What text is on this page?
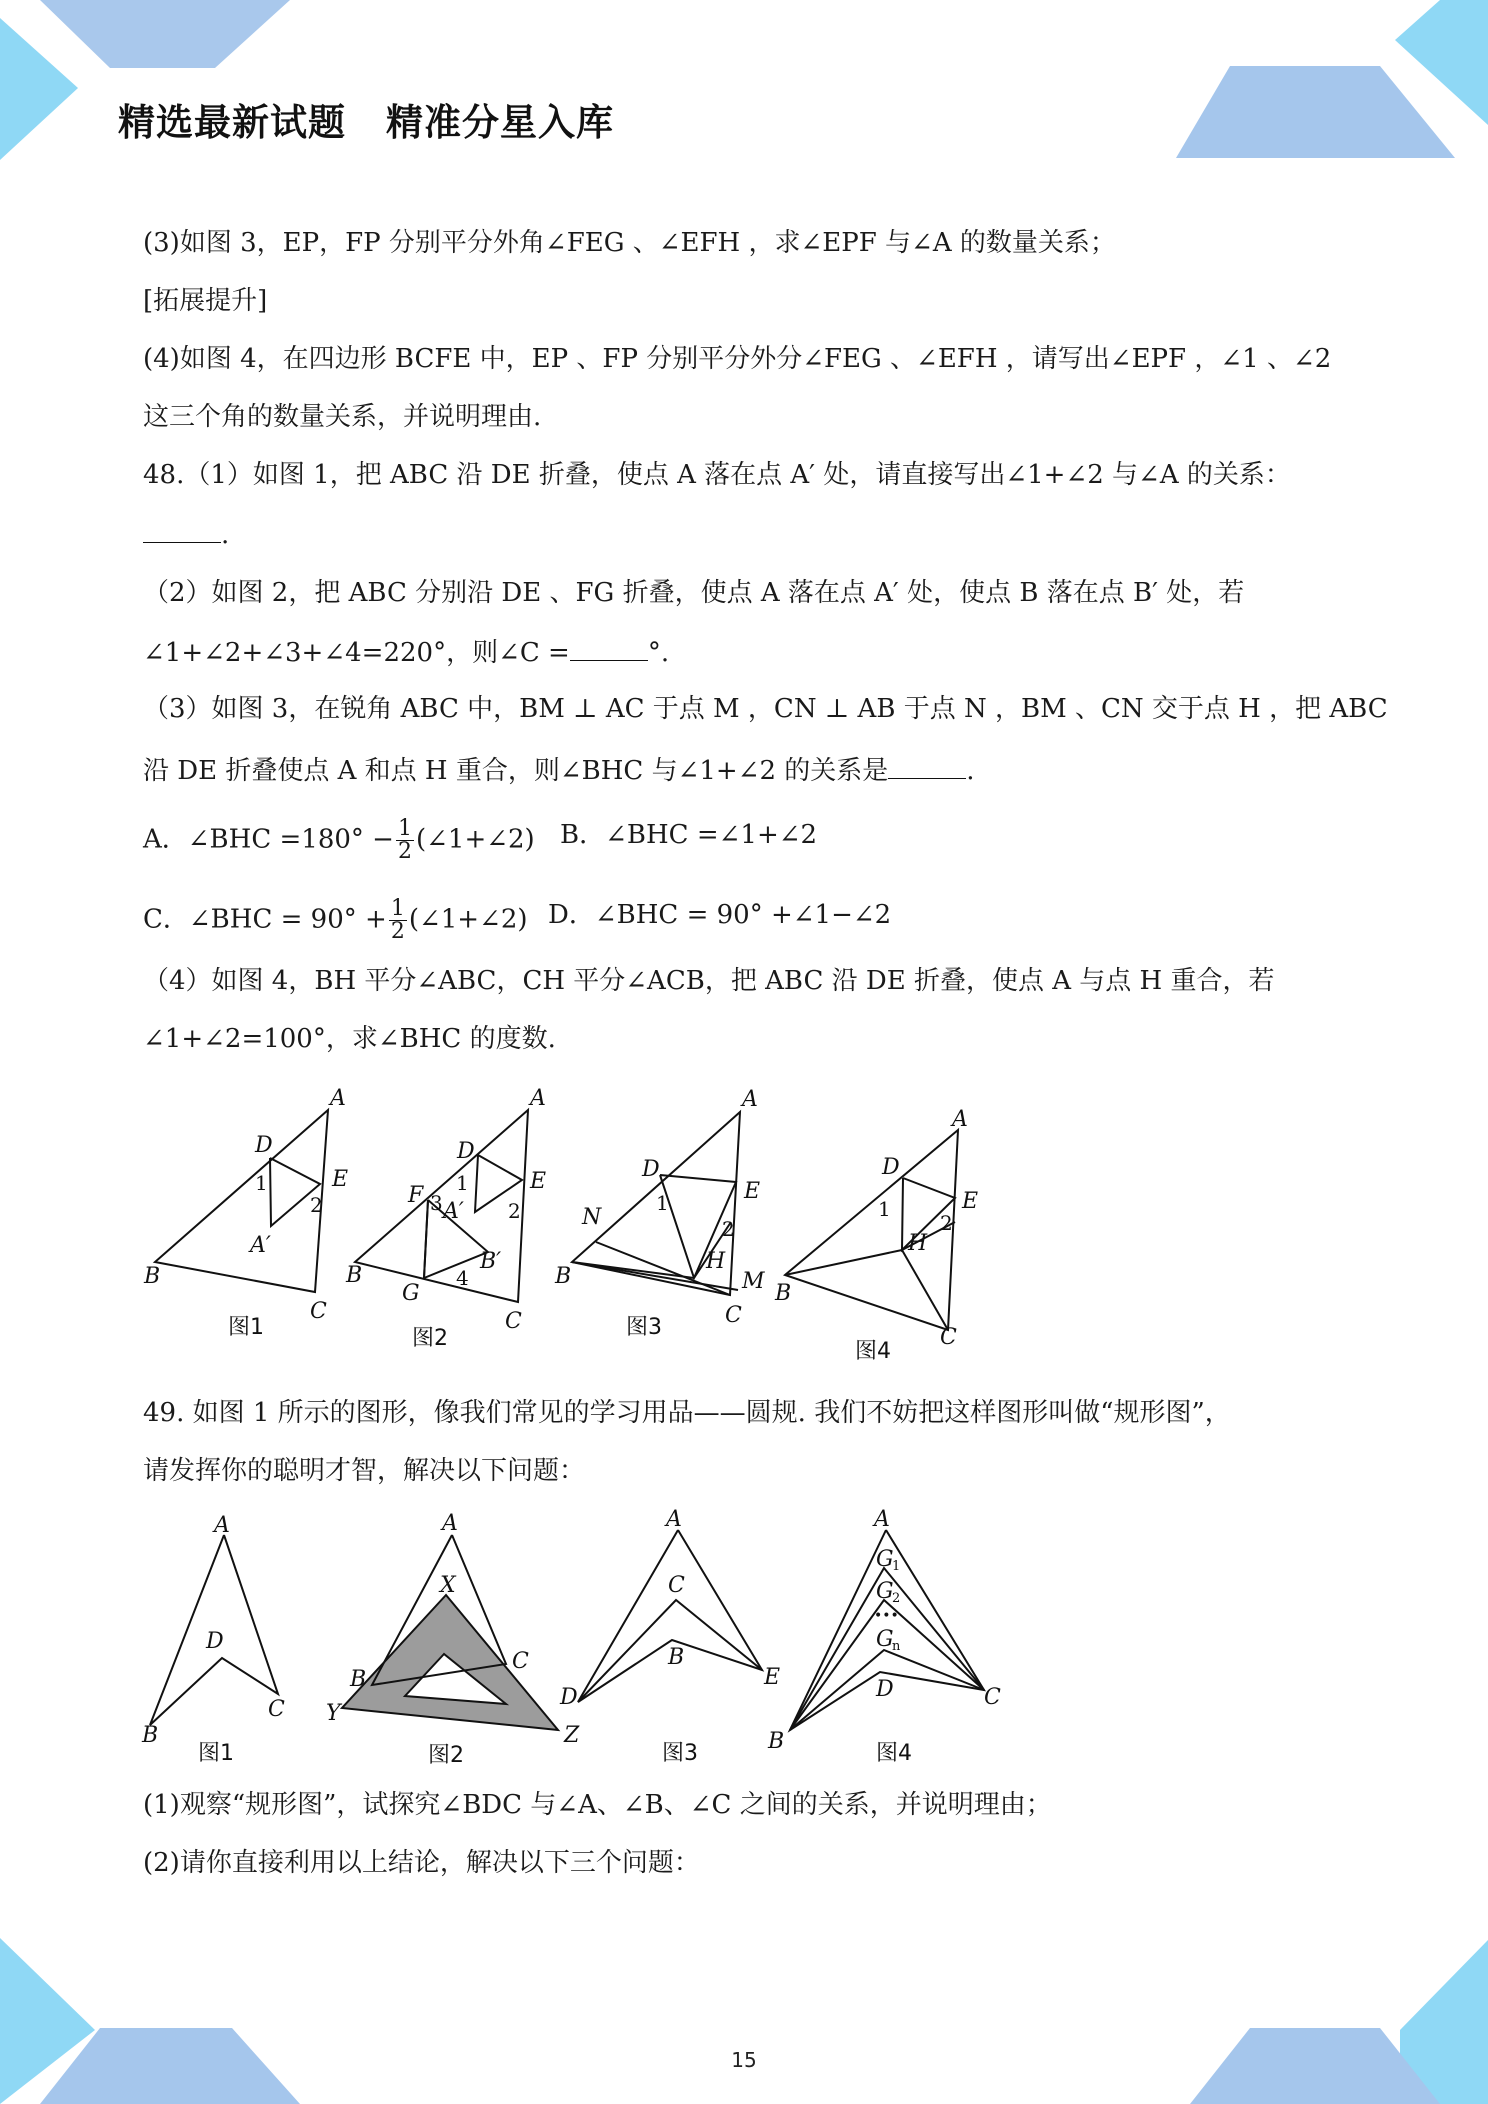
精选最新试题 精准分星入库
(3)如图 3，EP，FP 分别平分外角∠FEG 、∠EFH ，求∠EPF 与∠A 的数量关系；
[拓展提升]
(4)如图 4，在四边形 BCFE 中，EP 、FP 分别平分外分∠FEG 、∠EFH ，请写出∠EPF ，∠1 、∠2
这三个角的数量关系，并说明理由.
48.（1）如图 1，把 ABC 沿 DE 折叠，使点 A 落在点 A′ 处，请直接写出∠1+∠2 与∠A 的关系：
.
（2）如图 2，把 ABC 分别沿 DE 、FG 折叠，使点 A 落在点 A′ 处，使点 B 落在点 B′ 处，若
∠1+∠2+∠3+∠4=220°，则∠C =	°.
（3）如图 3，在锐角 ABC 中，BM ⊥ AC 于点 M ，CN ⊥ AB 于点 N ，BM 、CN 交于点 H ，把 ABC
沿 DE 折叠使点 A 和点 H 重合，则∠BHC 与∠1+∠2 的关系是	.
A．∠BHC $=180^\circ - \frac{1}{2}$ (∠1+∠2) B．∠BHC =∠1+∠2
C．∠BHC = $90^\circ + \frac{1}{2}$ (∠1+∠2) D．∠BHC = 90° +∠1−∠2
（4）如图 4，BH 平分∠ABC，CH 平分∠ACB，把 ABC 沿 DE 折叠，使点 A 与点 H 重合，若
∠1+∠2=100°，求∠BHC 的度数.
A
B
C
D
E
A′
1
2
图1
A
B
C
D
E
F
G
A′
B′
1
2
3
4
图2
A
B
C
D
E
N
M
H
1
2
图3
A
B
C
D
E
H
1
2
图4
49. 如图 1 所示的图形，像我们常见的学习用品——圆规. 我们不妨把这样图形叫做“规形图”，
请发挥你的聪明才智，解决以下问题：
A
B
C
D
图1
A
B
C
X
Y
Z
图2
A
B
C
D
E
图3
A
B
C
D
G
1
G
2
•••
G
n
图4
(1)观察“规形图”，试探究∠BDC 与∠A、∠B、∠C 之间的关系，并说明理由；
(2)请你直接利用以上结论，解决以下三个问题：
15
